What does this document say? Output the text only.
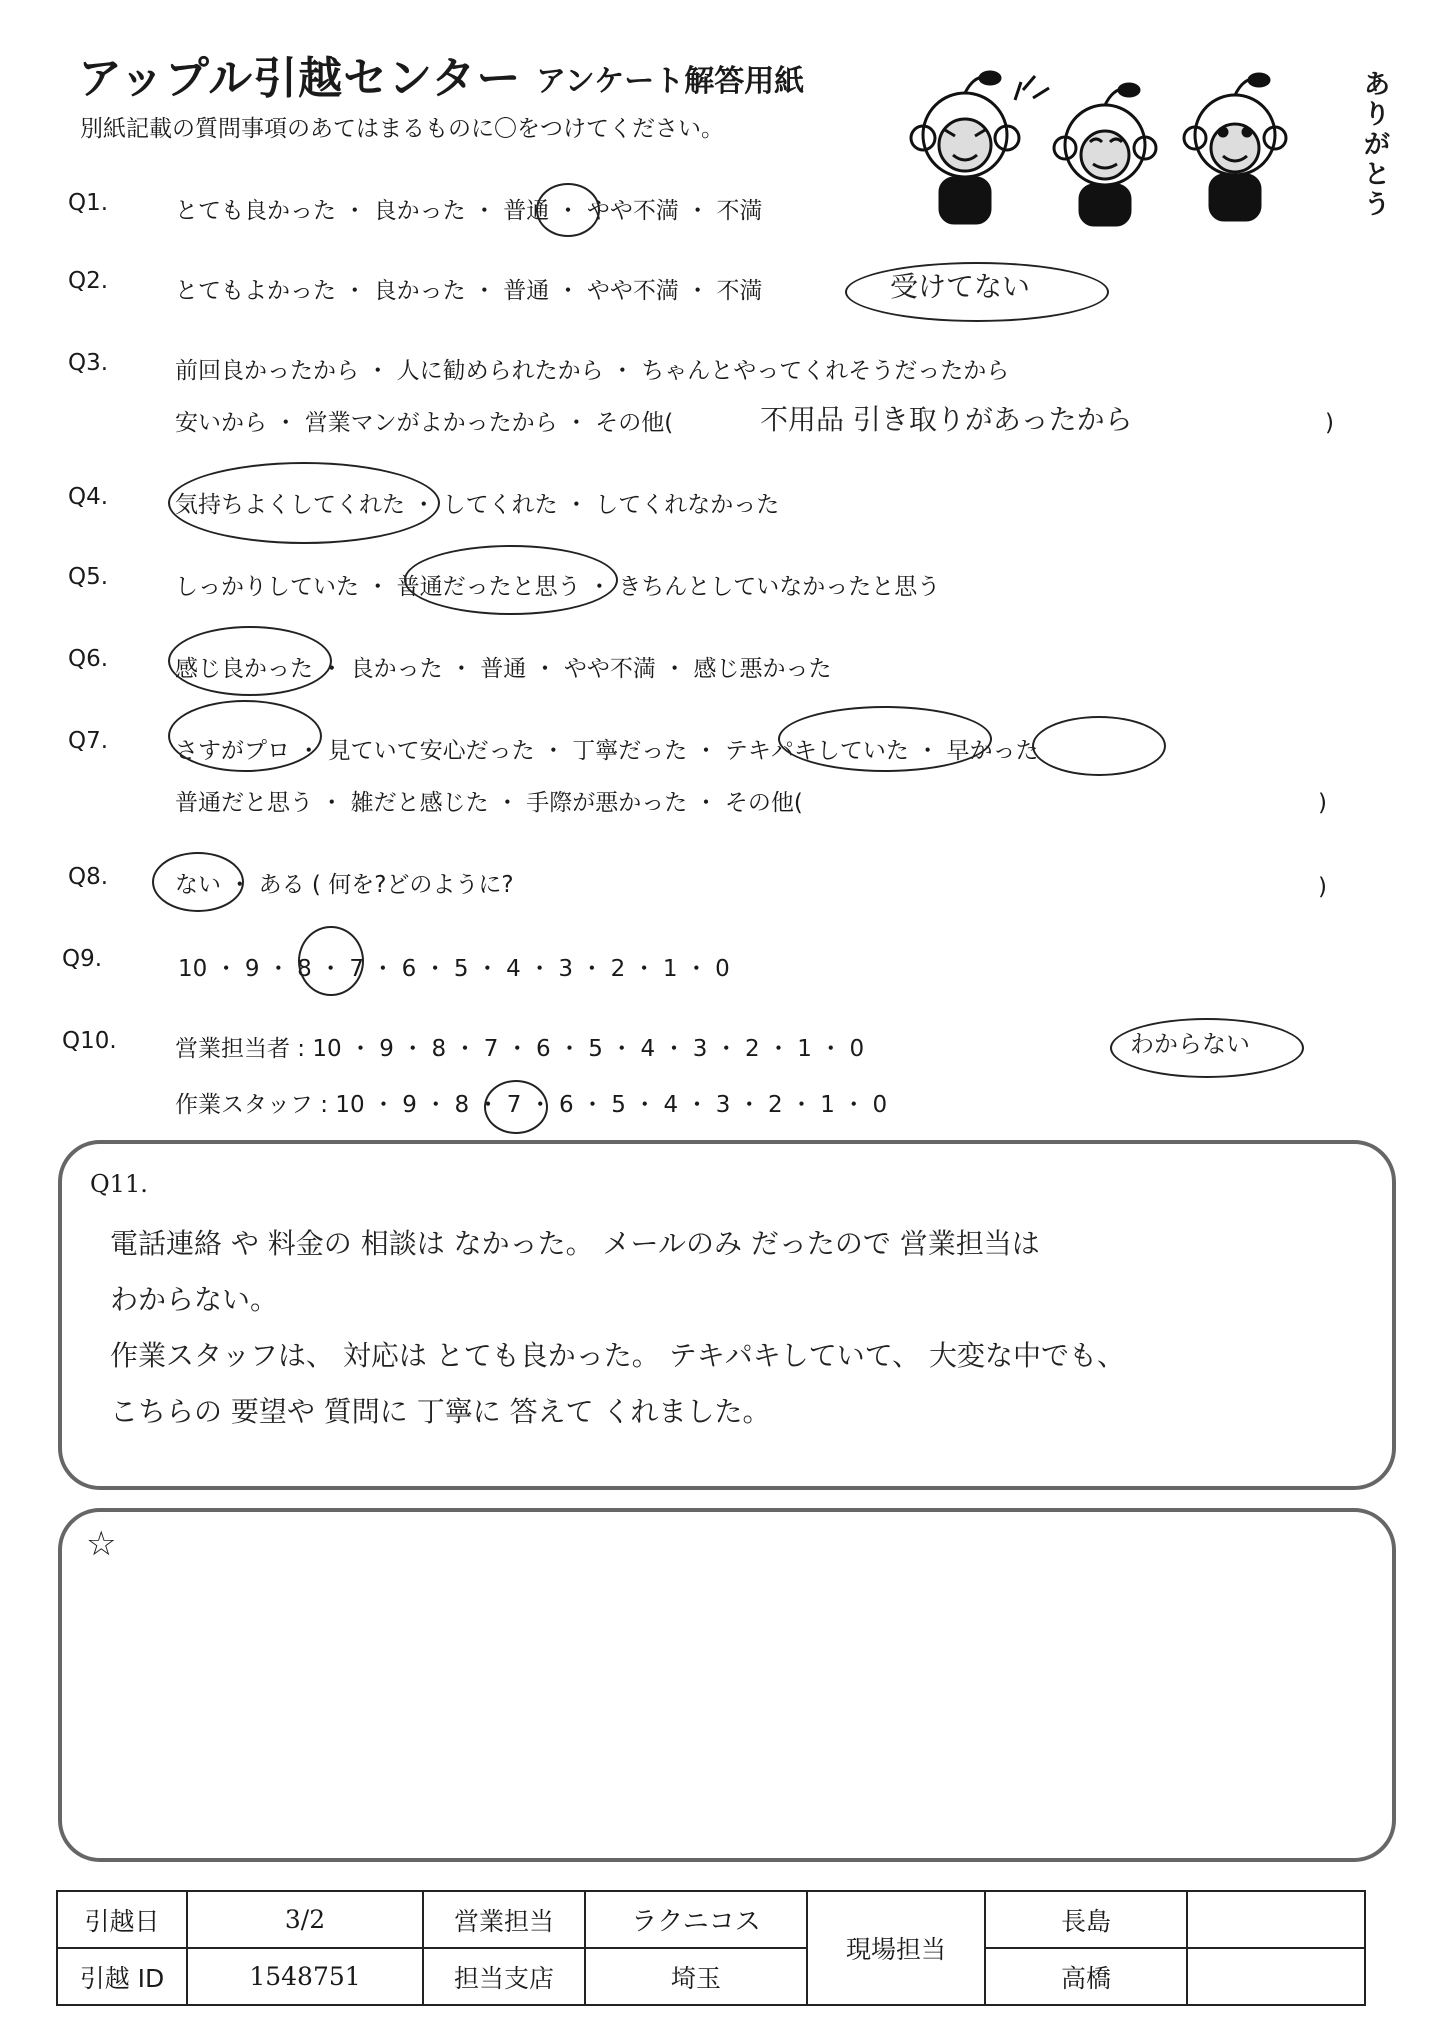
アップル引越センター アンケート解答用紙
別紙記載の質問事項のあてはまるものに〇をつけてください。
ありがとう
Q1.	とても良かった ・ 良かった ・ 普通 ・ やや不満 ・ 不満
Q2.	とてもよかった ・ 良かった ・ 普通 ・ やや不満 ・ 不満	受けてない
Q3.	前回良かったから ・ 人に勧められたから ・ ちゃんとやってくれそうだったから
安いから ・ 営業マンがよかったから ・ その他(	不用品 引き取りがあったから	)
Q4.	気持ちよくしてくれた ・ してくれた ・ してくれなかった
Q5.	しっかりしていた ・ 普通だったと思う ・ きちんとしていなかったと思う
Q6.	感じ良かった ・ 良かった ・ 普通 ・ やや不満 ・ 感じ悪かった
Q7.	さすがプロ ・ 見ていて安心だった ・ 丁寧だった ・ テキパキしていた ・ 早かった
普通だと思う ・ 雑だと感じた ・ 手際が悪かった ・ その他(	)
Q8.	ない ・ ある ( 何を?どのように?	)
Q9.	10 ・ 9 ・ 8 ・ 7 ・ 6 ・ 5 ・ 4 ・ 3 ・ 2 ・ 1 ・ 0
Q10.	営業担当者 : 10 ・ 9 ・ 8 ・ 7 ・ 6 ・ 5 ・ 4 ・ 3 ・ 2 ・ 1 ・ 0
作業スタッフ : 10 ・ 9 ・ 8 ・ 7 ・ 6 ・ 5 ・ 4 ・ 3 ・ 2 ・ 1 ・ 0
わからない
Q11.
電話連絡 や 料金の 相談は なかった。 メールのみ だったので 営業担当は
わからない。
作業スタッフは、 対応は とても良かった。 テキパキしていて、 大変な中でも、
こちらの 要望や 質問に 丁寧に 答えて くれました。
☆
引越日	3/2	営業担当	ラクニコス	現場担当	長島	
引越 ID	1548751	担当支店	埼玉		高橋	
